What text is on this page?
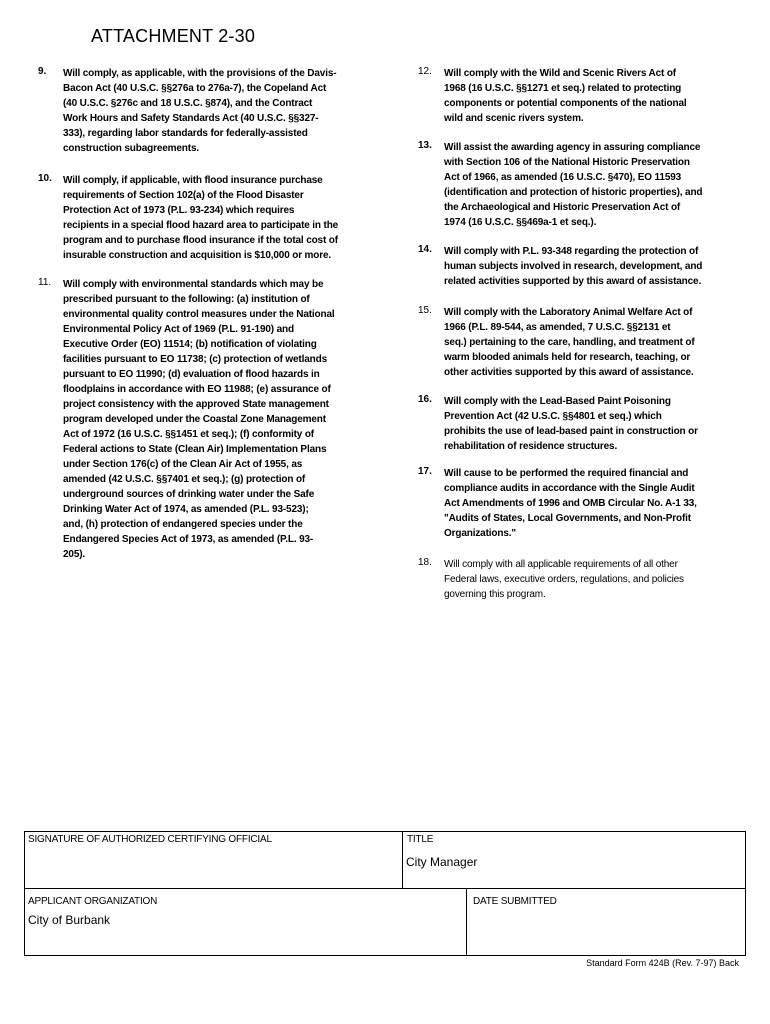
ATTACHMENT 2-30
9. Will comply, as applicable, with the provisions of the Davis-
Bacon Act (40 U.S.C. §§276a to 276a-7), the Copeland Act
(40 U.S.C. §276c and 18 U.S.C. §874), and the Contract
Work Hours and Safety Standards Act (40 U.S.C. §§327-
333), regarding labor standards for federally-assisted
construction subagreements.
10. Will comply, if applicable, with flood insurance purchase
requirements of Section 102(a) of the Flood Disaster
Protection Act of 1973 (P.L. 93-234) which requires
recipients in a special flood hazard area to participate in the
program and to purchase flood insurance if the total cost of
insurable construction and acquisition is $10,000 or more.
11. Will comply with environmental standards which may be
prescribed pursuant to the following: (a) institution of
environmental quality control measures under the National
Environmental Policy Act of 1969 (P.L. 91-190) and
Executive Order (EO) 11514; (b) notification of violating
facilities pursuant to EO 11738; (c) protection of wetlands
pursuant to EO 11990; (d) evaluation of flood hazards in
floodplains in accordance with EO 11988; (e) assurance of
project consistency with the approved State management
program developed under the Coastal Zone Management
Act of 1972 (16 U.S.C. §§1451 et seq.); (f) conformity of
Federal actions to State (Clean Air) Implementation Plans
under Section 176(c) of the Clean Air Act of 1955, as
amended (42 U.S.C. §§7401 et seq.); (g) protection of
underground sources of drinking water under the Safe
Drinking Water Act of 1974, as amended (P.L. 93-523);
and, (h) protection of endangered species under the
Endangered Species Act of 1973, as amended (P.L. 93-
205).
12. Will comply with the Wild and Scenic Rivers Act of
1968 (16 U.S.C. §§1271 et seq.) related to protecting
components or potential components of the national
wild and scenic rivers system.
13. Will assist the awarding agency in assuring compliance
with Section 106 of the National Historic Preservation
Act of 1966, as amended (16 U.S.C. §470), EO 11593
(identification and protection of historic properties), and
the Archaeological and Historic Preservation Act of
1974 (16 U.S.C. §§469a-1 et seq.).
14. Will comply with P.L. 93-348 regarding the protection of
human subjects involved in research, development, and
related activities supported by this award of assistance.
15. Will comply with the Laboratory Animal Welfare Act of
1966 (P.L. 89-544, as amended, 7 U.S.C. §§2131 et
seq.) pertaining to the care, handling, and treatment of
warm blooded animals held for research, teaching, or
other activities supported by this award of assistance.
16. Will comply with the Lead-Based Paint Poisoning
Prevention Act (42 U.S.C. §§4801 et seq.) which
prohibits the use of lead-based paint in construction or
rehabilitation of residence structures.
17. Will cause to be performed the required financial and
compliance audits in accordance with the Single Audit
Act Amendments of 1996 and OMB Circular No. A-1 33,
"Audits of States, Local Governments, and Non-Profit
Organizations."
18. Will comply with all applicable requirements of all other
Federal laws, executive orders, regulations, and policies
governing this program.
SIGNATURE OF AUTHORIZED CERTIFYING OFFICIAL	TITLE
City Manager
APPLICANT ORGANIZATION
City of Burbank
DATE SUBMITTED
Standard Form 424B (Rev. 7-97) Back
